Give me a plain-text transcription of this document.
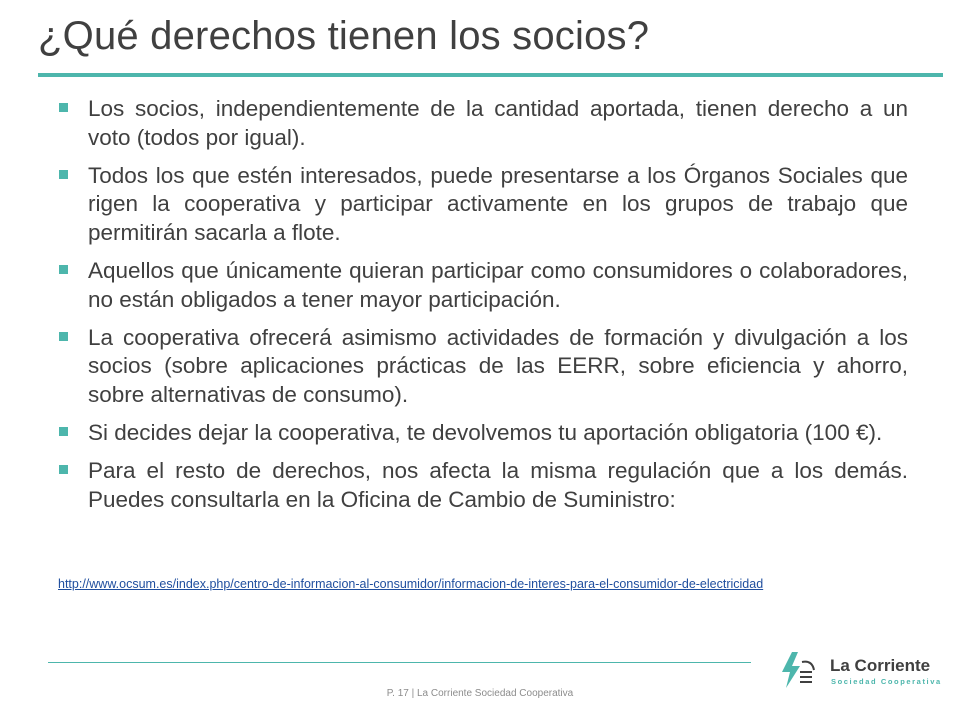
¿Qué derechos tienen los socios?
Los socios, independientemente de la cantidad aportada, tienen derecho a un voto (todos por igual).
Todos los que estén interesados, puede presentarse a los Órganos Sociales que rigen la cooperativa y participar activamente en los grupos de trabajo que permitirán sacarla a flote.
Aquellos que únicamente quieran participar como consumidores o colaboradores, no están obligados a tener mayor participación.
La cooperativa ofrecerá asimismo actividades de formación y divulgación a los socios (sobre aplicaciones prácticas de las EERR, sobre eficiencia y ahorro, sobre alternativas de consumo).
Si decides dejar la cooperativa, te devolvemos tu aportación obligatoria (100 €).
Para el resto de derechos, nos afecta la misma regulación que a los demás. Puedes consultarla en la Oficina de Cambio de Suministro:
http://www.ocsum.es/index.php/centro-de-informacion-al-consumidor/informacion-de-interes-para-el-consumidor-de-electricidad
P. 17 | La Corriente Sociedad Cooperativa
La Corriente
Sociedad Cooperativa
